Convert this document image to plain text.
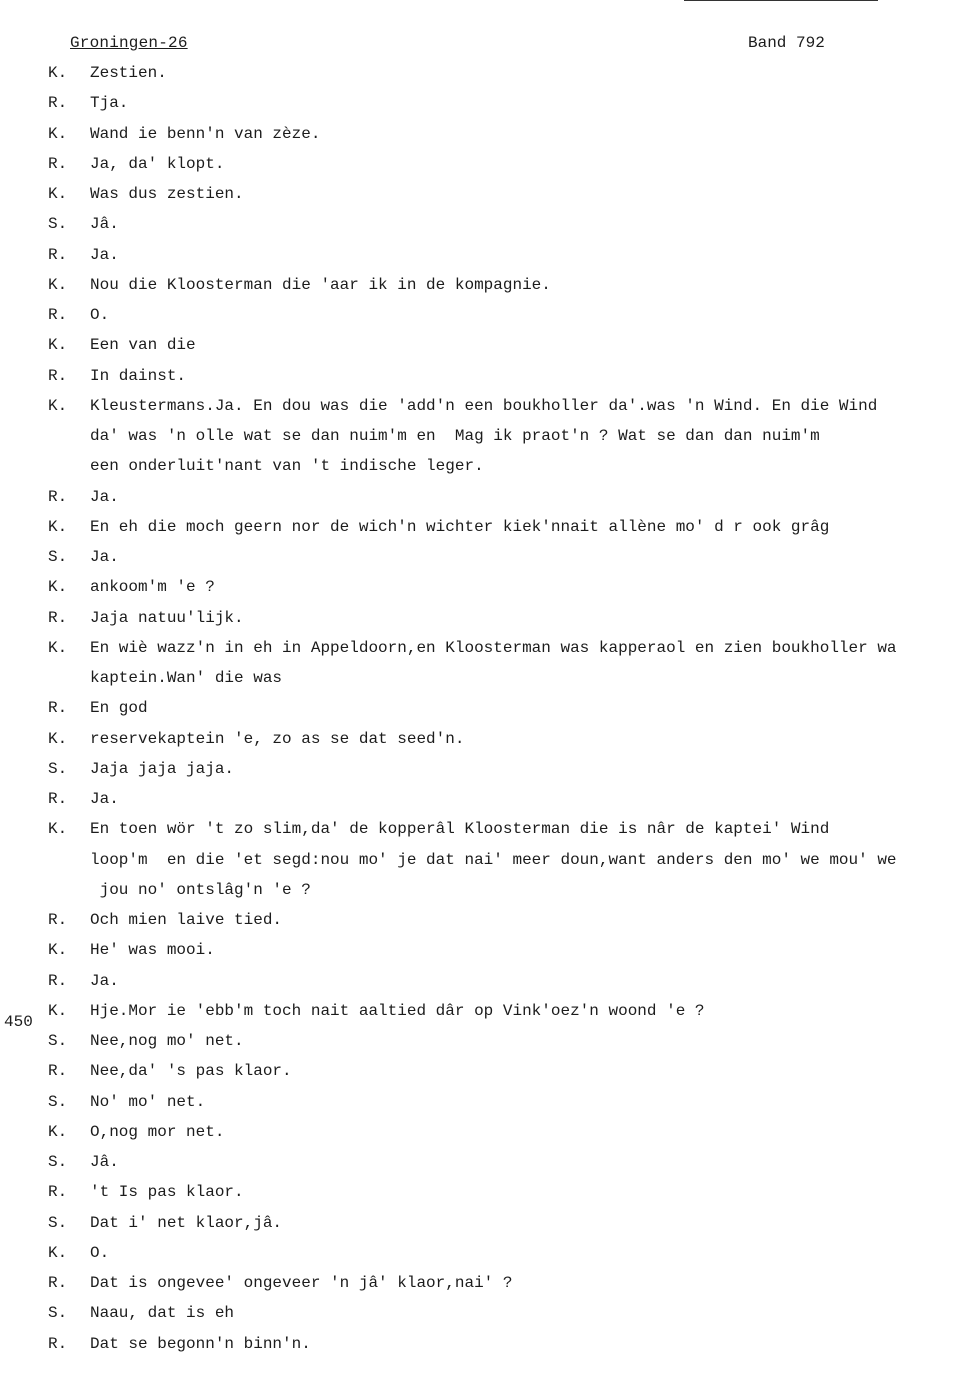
Groningen-26	Band 792
450
K.	Zestien.
R.	Tja.
K.	Wand ie benn'n van zèze.
R.	Ja, da' klopt.
K.	Was dus zestien.
S.	Jâ.
R.	Ja.
K.	Nou die Kloosterman die 'aar ik in de kompagnie.
R.	O.
K.	Een van die
R.	In dainst.
K.	Kleustermans.Ja. En dou was die 'add'n een boukholler da'.was 'n Wind. En die Wind
da' was 'n olle wat se dan nuim'm en  Mag ik praot'n ? Wat se dan dan nuim'm
een onderluit'nant van 't indische leger.
R.	Ja.
K.	En eh die moch geern nor de wich'n wichter kiek'nnait allène mo' d r ook grâg
S.	Ja.
K.	ankoom'm 'e ?
R.	Jaja natuu'lijk.
K.	En wiè wazz'n in eh in Appeldoorn,en Kloosterman was kapperaol en zien boukholler wa
kaptein.Wan' die was
R.	En god
K.	reservekaptein 'e, zo as se dat seed'n.
S.	Jaja jaja jaja.
R.	Ja.
K.	En toen wör 't zo slim,da' de kopperâl Kloosterman die is nâr de kaptei' Wind
loop'm  en die 'et segd:nou mo' je dat nai' meer doun,want anders den mo' we mou' we
jou no' ontslâg'n 'e ?
R.	Och mien laive tied.
K.	He' was mooi.
R.	Ja.
K.	Hje.Mor ie 'ebb'm toch nait aaltied dâr op Vink'oez'n woond 'e ?
S.	Nee,nog mo' net.
R.	Nee,da' 's pas klaor.
S.	No' mo' net.
K.	O,nog mor net.
S.	Jâ.
R.	't Is pas klaor.
S.	Dat i' net klaor,jâ.
K.	O.
R.	Dat is ongevee' ongeveer 'n jâ' klaor,nai' ?
S.	Naau, dat is eh
R.	Dat se begonn'n binn'n.
